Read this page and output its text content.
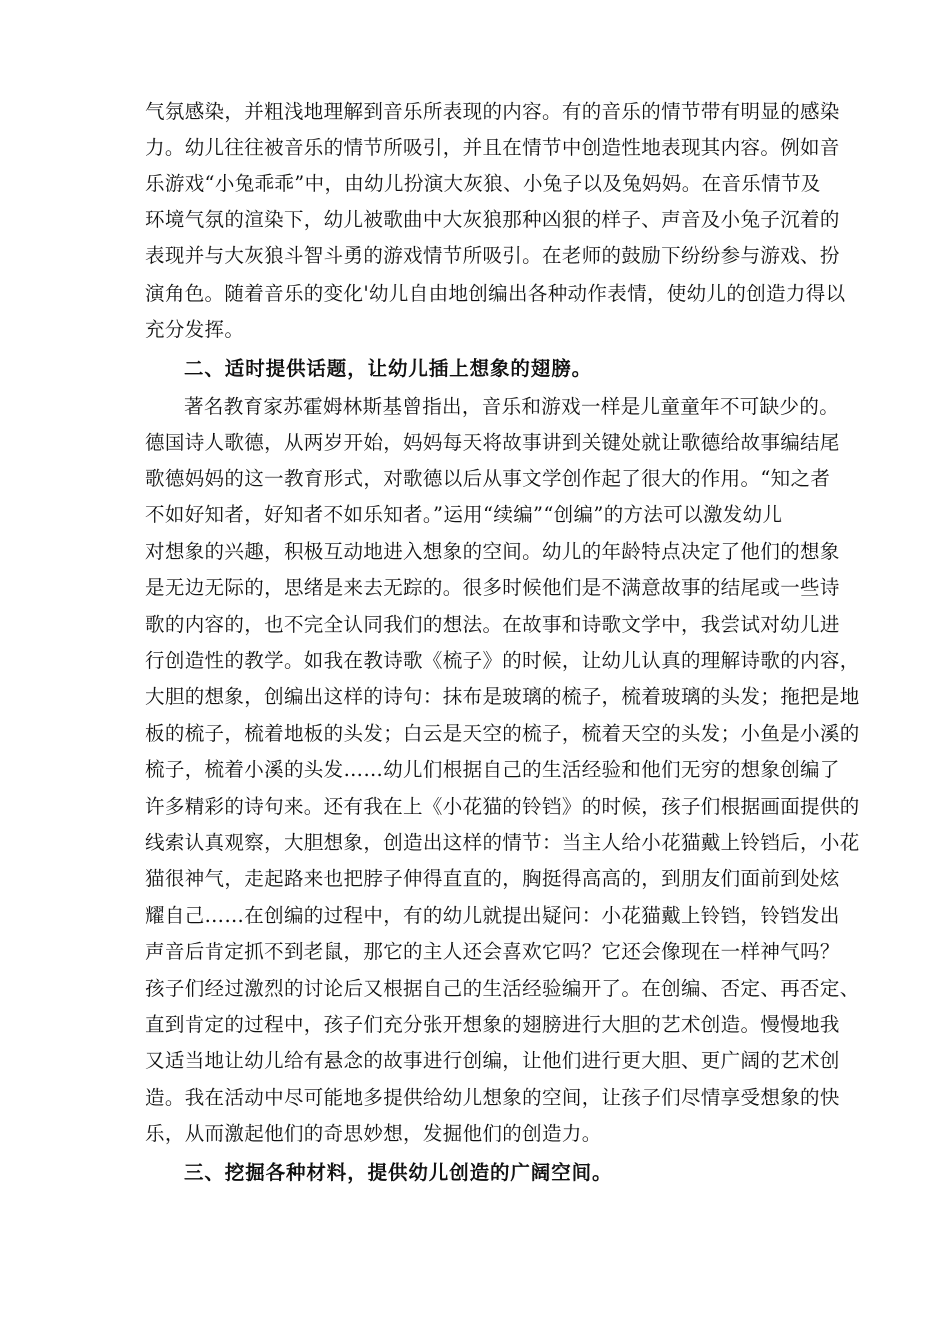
气氛感染，并粗浅地理解到音乐所表现的内容。有的音乐的情节带有明显的感染
力。幼儿往往被音乐的情节所吸引，并且在情节中创造性地表现其内容。例如音
乐游戏“小兔乖乖”中，由幼儿扮演大灰狼、小兔子以及兔妈妈。在音乐情节及
环境气氛的渲染下，幼儿被歌曲中大灰狼那种凶狠的样子、声音及小兔子沉着的
表现并与大灰狼斗智斗勇的游戏情节所吸引。在老师的鼓励下纷纷参与游戏、扮
演角色。随着音乐的变化'幼儿自由地创编出各种动作表情，使幼儿的创造力得以
充分发挥。
二、适时提供话题，让幼儿插上想象的翅膀。
著名教育家苏霍姆林斯基曾指出，音乐和游戏一样是儿童童年不可缺少的。
德国诗人歌德，从两岁开始，妈妈每天将故事讲到关键处就让歌德给故事编结尾
歌德妈妈的这一教育形式，对歌德以后从事文学创作起了很大的作用。“知之者
不如好知者，好知者不如乐知者。”运用“续编”“创编”的方法可以激发幼儿
对想象的兴趣，积极互动地进入想象的空间。幼儿的年龄特点决定了他们的想象
是无边无际的，思绪是来去无踪的。很多时候他们是不满意故事的结尾或一些诗
歌的内容的，也不完全认同我们的想法。在故事和诗歌文学中，我尝试对幼儿进
行创造性的教学。如我在教诗歌《梳子》的时候，让幼儿认真的理解诗歌的内容，
大胆的想象，创编出这样的诗句：抹布是玻璃的梳子，梳着玻璃的头发；拖把是地
板的梳子，梳着地板的头发；白云是天空的梳子，梳着天空的头发；小鱼是小溪的
梳子，梳着小溪的头发……幼儿们根据自己的生活经验和他们无穷的想象创编了
许多精彩的诗句来。还有我在上《小花猫的铃铛》的时候，孩子们根据画面提供的
线索认真观察，大胆想象，创造出这样的情节：当主人给小花猫戴上铃铛后，小花
猫很神气，走起路来也把脖子伸得直直的，胸挺得高高的，到朋友们面前到处炫
耀自己……在创编的过程中，有的幼儿就提出疑问：小花猫戴上铃铛，铃铛发出
声音后肯定抓不到老鼠，那它的主人还会喜欢它吗？它还会像现在一样神气吗？
孩子们经过激烈的讨论后又根据自己的生活经验编开了。在创编、否定、再否定、
直到肯定的过程中，孩子们充分张开想象的翅膀进行大胆的艺术创造。慢慢地我
又适当地让幼儿给有悬念的故事进行创编，让他们进行更大胆、更广阔的艺术创
造。我在活动中尽可能地多提供给幼儿想象的空间，让孩子们尽情享受想象的快
乐，从而激起他们的奇思妙想，发掘他们的创造力。
三、挖掘各种材料，提供幼儿创造的广阔空间。
